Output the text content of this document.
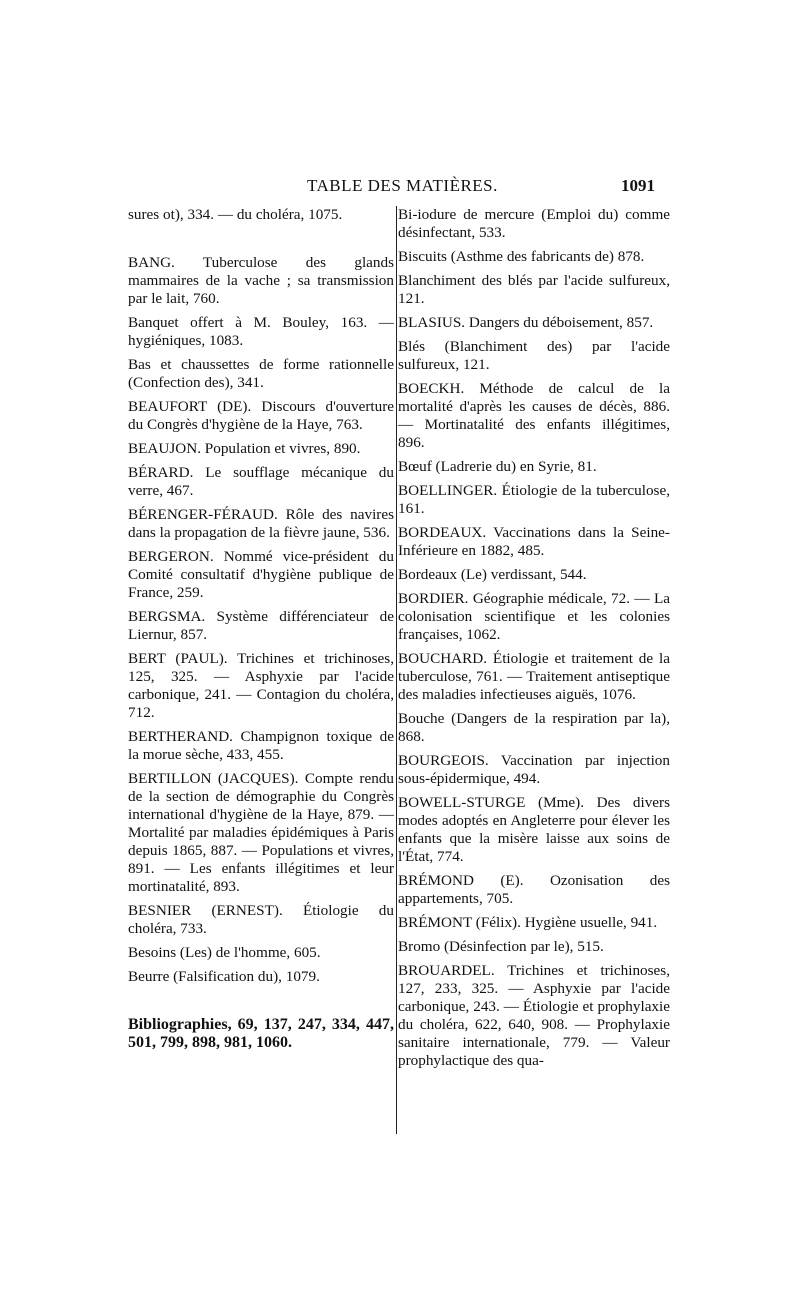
TABLE DES MATIÈRES.	1091
sures ot), 334. — du choléra, 1075.
BANG. Tuberculose des glands mammaires de la vache ; sa transmission par le lait, 760.
Banquet offert à M. Bouley, 163. — hygiéniques, 1083.
Bas et chaussettes de forme rationnelle (Confection des), 341.
BEAUFORT (DE). Discours d'ouverture du Congrès d'hygiène de la Haye, 763.
BEAUJON. Population et vivres, 890.
BÉRARD. Le soufflage mécanique du verre, 467.
BÉRENGER-FÉRAUD. Rôle des navires dans la propagation de la fièvre jaune, 536.
BERGERON. Nommé vice-président du Comité consultatif d'hygiène publique de France, 259.
BERGSMA. Système différenciateur de Liernur, 857.
BERT (PAUL). Trichines et trichinoses, 125, 325. — Asphyxie par l'acide carbonique, 241. — Contagion du choléra, 712.
BERTHERAND. Champignon toxique de la morue sèche, 433, 455.
BERTILLON (JACQUES). Compte rendu de la section de démographie du Congrès international d'hygiène de la Haye, 879. — Mortalité par maladies épidémiques à Paris depuis 1865, 887. — Populations et vivres, 891. — Les enfants illégitimes et leur mortinatalité, 893.
BESNIER (ERNEST). Étiologie du choléra, 733.
Besoins (Les) de l'homme, 605.
Beurre (Falsification du), 1079.
Bibliographies, 69, 137, 247, 334, 447, 501, 799, 898, 981, 1060.
Bi-iodure de mercure (Emploi du) comme désinfectant, 533.
Biscuits (Asthme des fabricants de) 878.
Blanchiment des blés par l'acide sulfureux, 121.
BLASIUS. Dangers du déboisement, 857.
Blés (Blanchiment des) par l'acide sulfureux, 121.
BOECKH. Méthode de calcul de la mortalité d'après les causes de décès, 886. — Mortinatalité des enfants illégitimes, 896.
Bœuf (Ladrerie du) en Syrie, 81.
BOELLINGER. Étiologie de la tuberculose, 161.
BORDEAUX. Vaccinations dans la Seine-Inférieure en 1882, 485.
Bordeaux (Le) verdissant, 544.
BORDIER. Géographie médicale, 72. — La colonisation scientifique et les colonies françaises, 1062.
BOUCHARD. Étiologie et traitement de la tuberculose, 761. — Traitement antiseptique des maladies infectieuses aiguës, 1076.
Bouche (Dangers de la respiration par la), 868.
BOURGEOIS. Vaccination par injection sous-épidermique, 494.
BOWELL-STURGE (Mme). Des divers modes adoptés en Angleterre pour élever les enfants que la misère laisse aux soins de l'État, 774.
BRÉMOND (E). Ozonisation des appartements, 705.
BRÉMONT (Félix). Hygiène usuelle, 941.
Bromo (Désinfection par le), 515.
BROUARDEL. Trichines et trichinoses, 127, 233, 325. — Asphyxie par l'acide carbonique, 243. — Étiologie et prophylaxie du choléra, 622, 640, 908. — Prophylaxie sanitaire internationale, 779. — Valeur prophylactique des qua-
